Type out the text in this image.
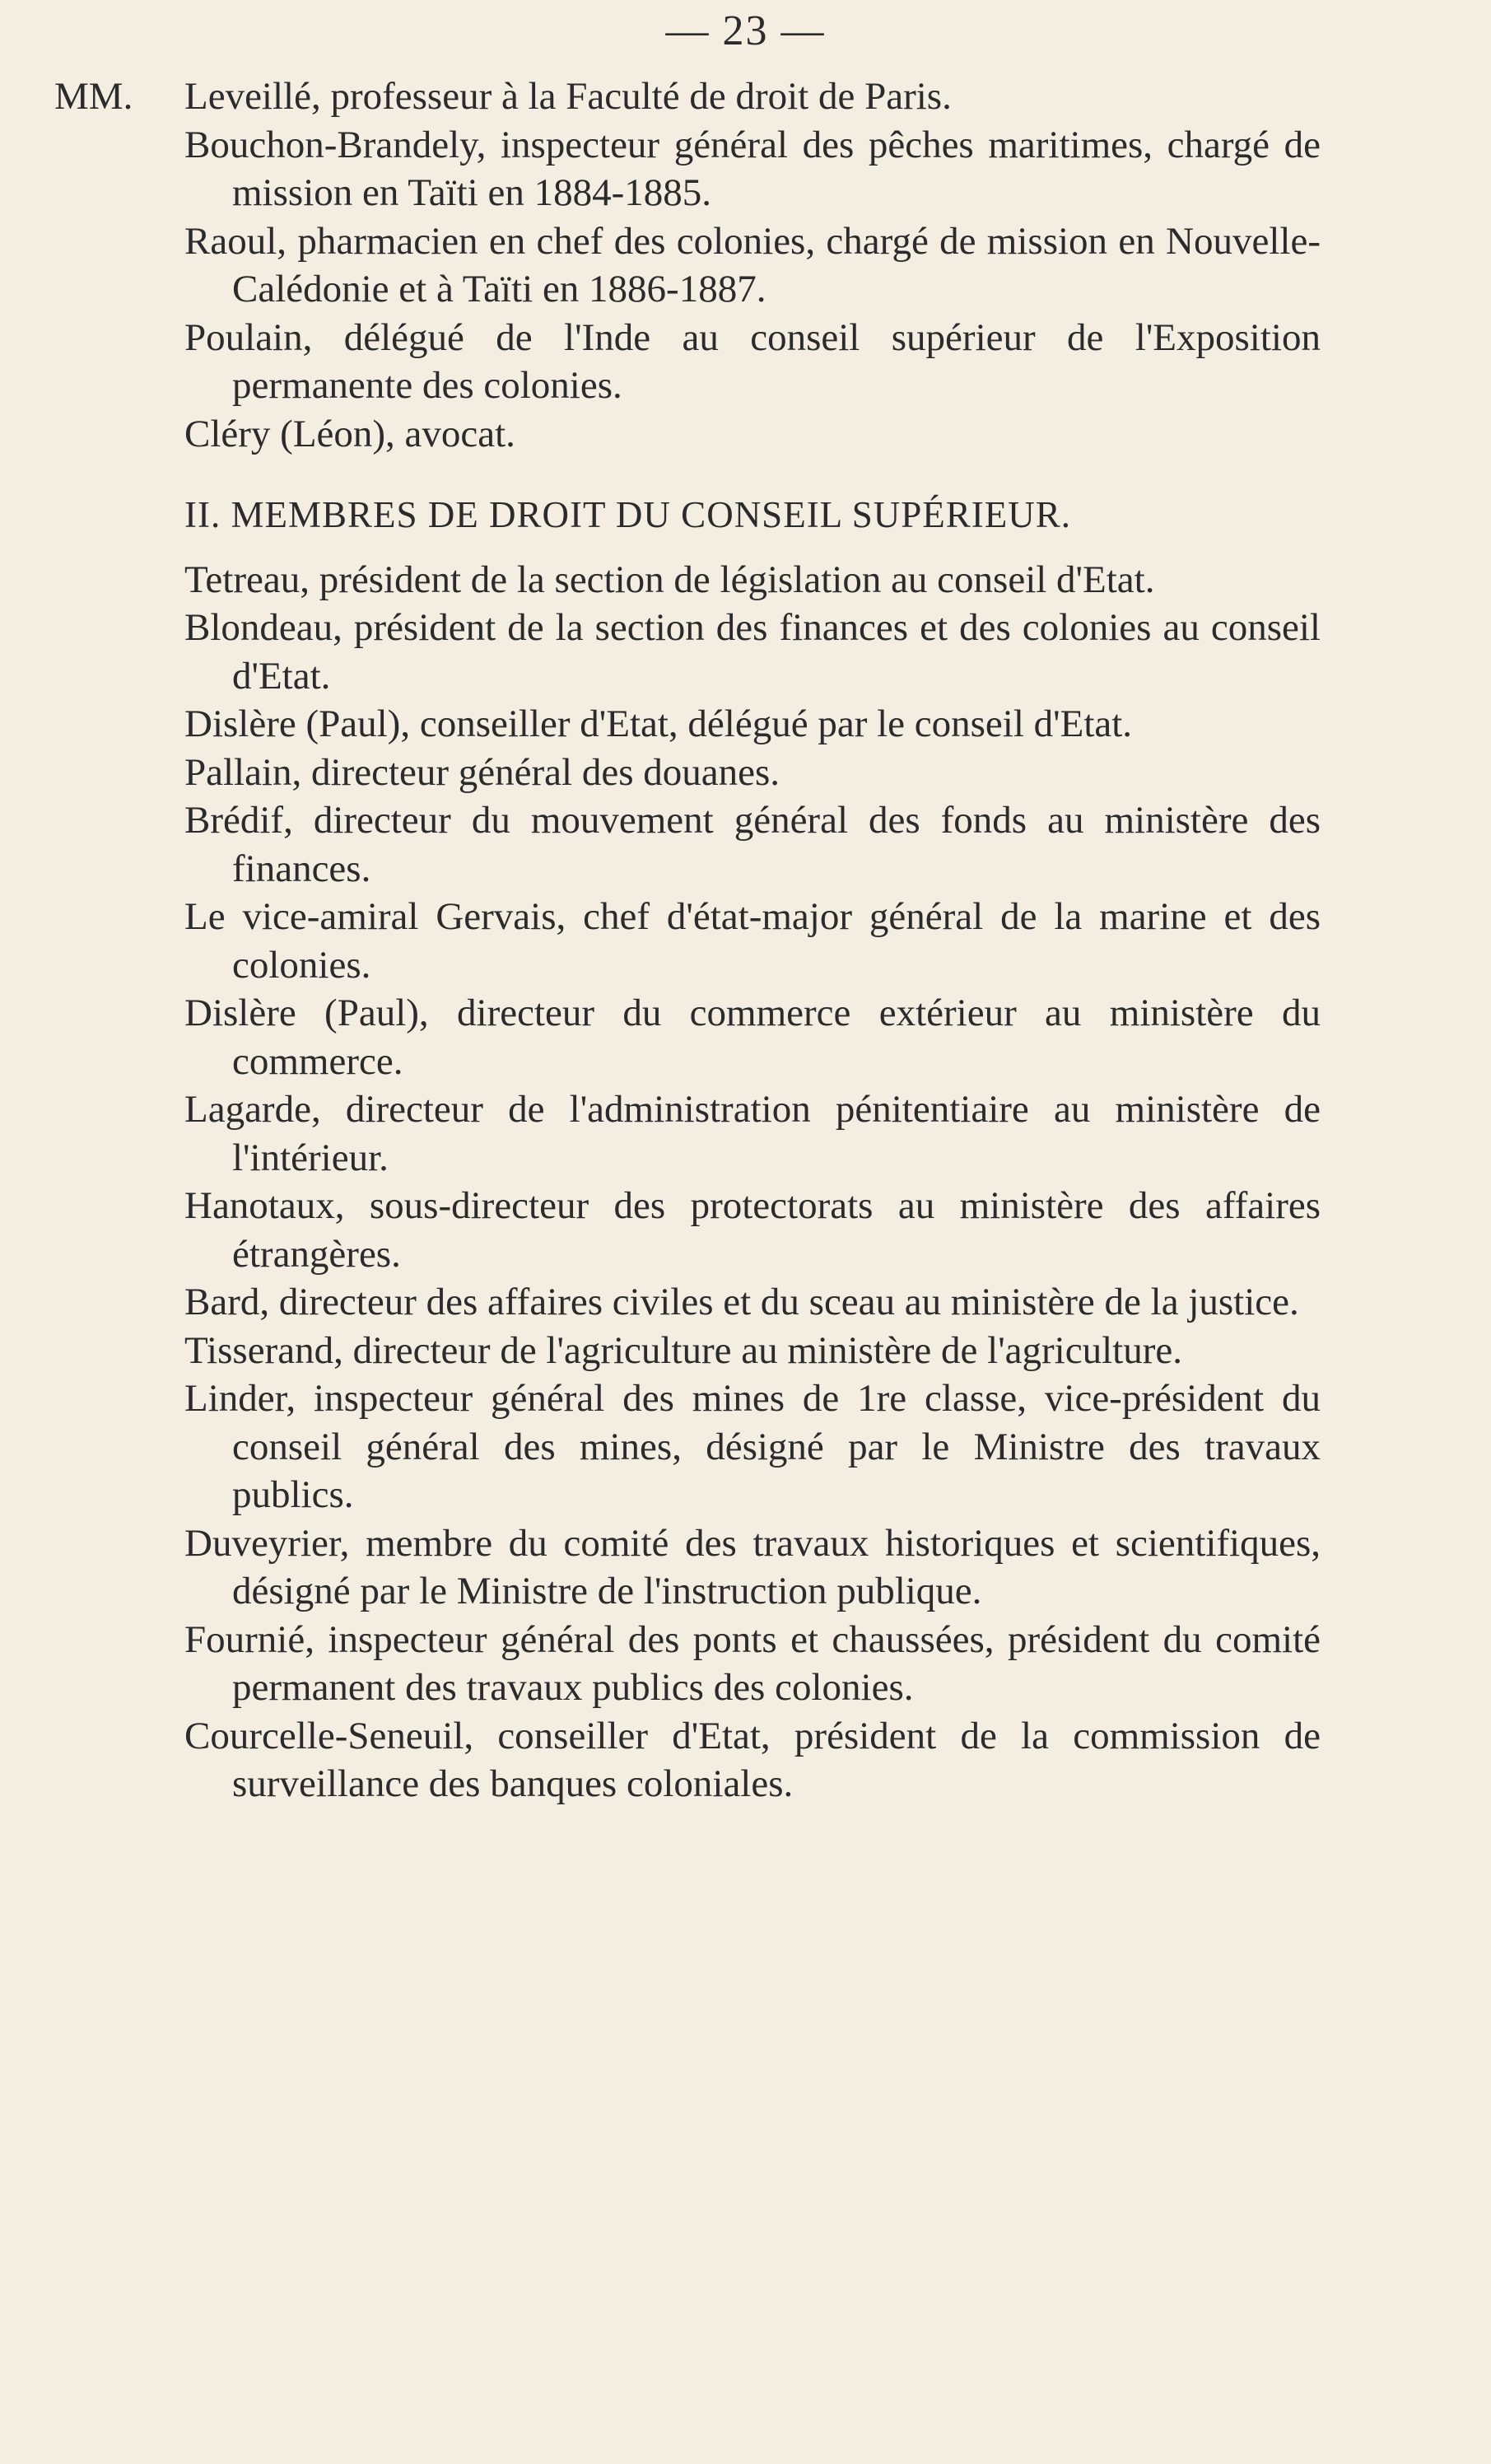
— 23 —

MM. Leveillé, professeur à la Faculté de droit de Paris.

Bouchon-Brandely, inspecteur général des pêches maritimes, chargé de mission en Taïti en 1884-1885.

Raoul, pharmacien en chef des colonies, chargé de mission en Nouvelle-Calédonie et à Taïti en 1886-1887.

Poulain, délégué de l'Inde au conseil supérieur de l'Exposition permanente des colonies.

Cléry (Léon), avocat.

II. MEMBRES DE DROIT DU CONSEIL SUPÉRIEUR.

Tetreau, président de la section de législation au conseil d'Etat.

Blondeau, président de la section des finances et des colonies au conseil d'Etat.

Dislère (Paul), conseiller d'Etat, délégué par le conseil d'Etat.

Pallain, directeur général des douanes.

Brédif, directeur du mouvement général des fonds au ministère des finances.

Le vice-amiral Gervais, chef d'état-major général de la marine et des colonies.

Dislère (Paul), directeur du commerce extérieur au ministère du commerce.

Lagarde, directeur de l'administration pénitentiaire au ministère de l'intérieur.

Hanotaux, sous-directeur des protectorats au ministère des affaires étrangères.

Bard, directeur des affaires civiles et du sceau au ministère de la justice.

Tisserand, directeur de l'agriculture au ministère de l'agriculture.

Linder, inspecteur général des mines de 1re classe, vice-président du conseil général des mines, désigné par le Ministre des travaux publics.

Duveyrier, membre du comité des travaux historiques et scientifiques, désigné par le Ministre de l'instruction publique.

Fournié, inspecteur général des ponts et chaussées, président du comité permanent des travaux publics des colonies.

Courcelle-Seneuil, conseiller d'Etat, président de la commission de surveillance des banques coloniales.
